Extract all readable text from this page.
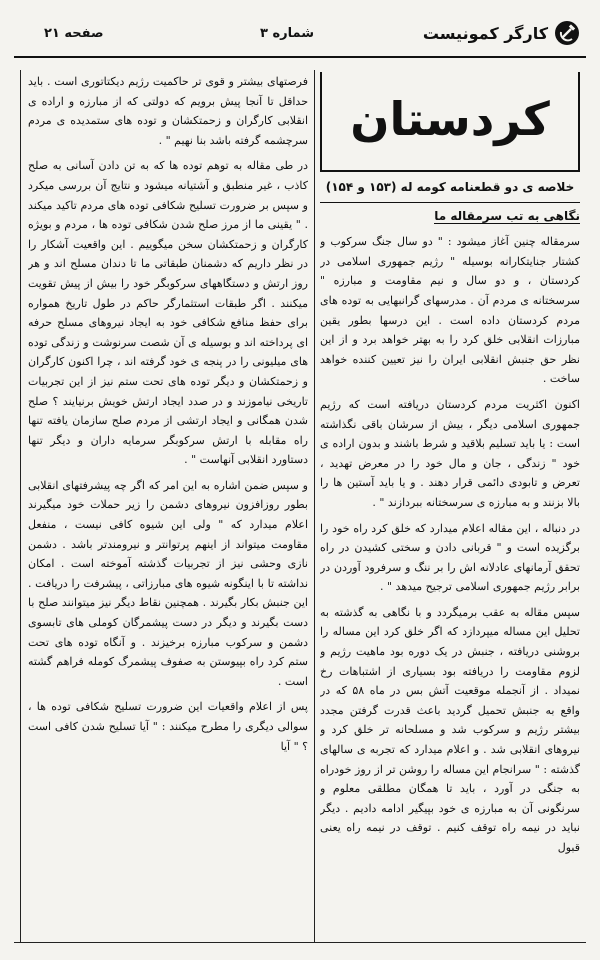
کارگر کمونیست
شماره ۳
صفحه ۲۱
کردستان
خلاصه ی دو قطعنامه کومه له (۱۵۳ و ۱۵۴)
نگاهی به تب سرمقاله ما

سرمقاله چنین آغاز میشود : " دو سال جنگ سرکوب و کشتار جنایتکارانه بوسیله " رژیم جمهوری اسلامی در کردستان ، و دو سال و نیم مقاومت و مبارزه " سرسختانه ی مردم آن . مدرسهای گرانبهایی به توده های مردم کردستان داده است . این درسها بطور یقین مبارزات انقلابی خلق کرد را به بهتر خواهد برد و از این نظر حق جنبش انقلابی ایران را نیز تعیین کننده خواهد ساخت .

اکنون اکثریت مردم کردستان دریافته است که رژیم جمهوری اسلامی دیگر ، بیش از سرشان باقی نگذاشته است : یا باید تسلیم بلاقید و شرط باشند و بدون اراده ی خود " زندگی ، جان و مال خود را در معرض تهدید ، تعرض و تابودی دائمی قرار دهند . و یا باید آستین ها را بالا بزنند و به مبارزه ی سرسختانه ببردازند " .

در دنباله ، این مقاله اعلام میدارد که خلق کرد راه خود را برگزیده است و " قربانی دادن و سختی کشیدن در راه تحقق آرمانهای عادلانه اش را بر ننگ و سرفرود آوردن در برابر رژیم جمهوری اسلامی ترجیح میدهد " .

سپس مقاله به عقب برمیگردد و با نگاهی به گذشته به تحلیل این مساله میپردازد که اگر خلق کرد این مساله را بروشنی دریافته ، جنبش در یک دوره بود ماهیت رژیم و لزوم مقاومت را دریافته بود بسیاری از اشتباهات رخ نمیداد . از آنجمله موقعیت آتش بس در ماه ۵۸ که در واقع به جنبش تحمیل گردید باعث قدرت گرفتن مجدد بیشتر رژیم و سرکوب شد و مسلحانه تر خلق کرد و نیروهای انقلابی شد . و اعلام میدارد که تجربه ی سالهای گذشته : " سرانجام این مساله را روشن تر از روز خودراه به جنگی در آورد ، باید تا همگان مطلقی معلوم و سرنگونی آن به مبارزه ی خود بپیگیر ادامه دادیم . دیگر نباید در نیمه راه توقف کنیم . توقف در نیمه راه یعنی قبول

فرصتهای بیشتر و قوی تر حاکمیت رژیم دیکتاتوری است . باید حداقل تا آنجا پیش برویم که دولتی که از مبارزه و اراده ی انقلابی کارگران و زحمتکشان و توده های ستمدیده ی مردم سرچشمه گرفته باشد بنا نهیم " .

در طی مقاله به توهم توده ها که به تن دادن آسانی به صلح کاذب ، غیر منطبق و آشتیانه میشود و نتایج آن بررسی میکرد و سپس بر ضرورت تسلیح شکافی توده های مردم تاکید میکند . " یقینی ما از مرز صلح شدن شکافی توده ها ، مردم و بویژه کارگران و زحمتکشان سخن میگوییم . این واقعیت آشکار را در نظر داریم که دشمنان طبقاتی ما تا دندان مسلح اند و هر روز ارتش و دستگاههای سرکوبگر خود را بیش از پیش تقویت میکنند . اگر طبقات استثمارگر حاکم در طول تاریخ همواره برای حفظ منافع شکافی خود به ایجاد نیروهای مسلح حرفه ای پرداخته اند و بوسیله ی آن شصت سرنوشت و زندگی توده های میلیونی را در پنجه ی خود گرفته اند ، چرا اکنون کارگران و زحمتکشان و دیگر توده های تحت ستم نیز از این تجربیات تاریخی نیاموزند و در صدد ایجاد ارتش خویش برنیایند ؟ صلح شدن همگانی و ایجاد ارتشی از مردم صلح سازمان یافته تنها راه مقابله با ارتش سرکوبگر سرمایه داران و دیگر تنها دستاورد انقلابی آنهاست " .

و سپس ضمن اشاره به این امر که اگر چه پیشرفتهای انقلابی بطور روزافزون نیروهای دشمن را زیر حملات خود میگیرند اعلام میدارد که " ولی این شیوه کافی نیست ، منفعل مقاومت میتواند از اینهم پرتوانتر و نیرومندتر باشد . دشمن نازی وحشی نیز از تجربیات گذشته آموخته است . امکان نداشته تا با اینگونه شیوه های مبارزاتی ، پیشرفت را دریافت . این جنبش بکار بگیرند . همچنین نقاط دیگر نیز میتوانند صلح با دست بگیرند و دیگر در دست پیشمرگان کوملی های تابسوی دشمن و سرکوب مبارزه برخیزند . و آنگاه توده های تحت ستم کرد راه بپیوستن به صفوف پیشمرگ کومله فراهم گشته است .

پس از اعلام واقعیات این ضرورت تسلیح شکافی توده ها ، سوالی دیگری را مطرح میکنند : " آیا تسلیح شدن کافی است ؟ " آیا
